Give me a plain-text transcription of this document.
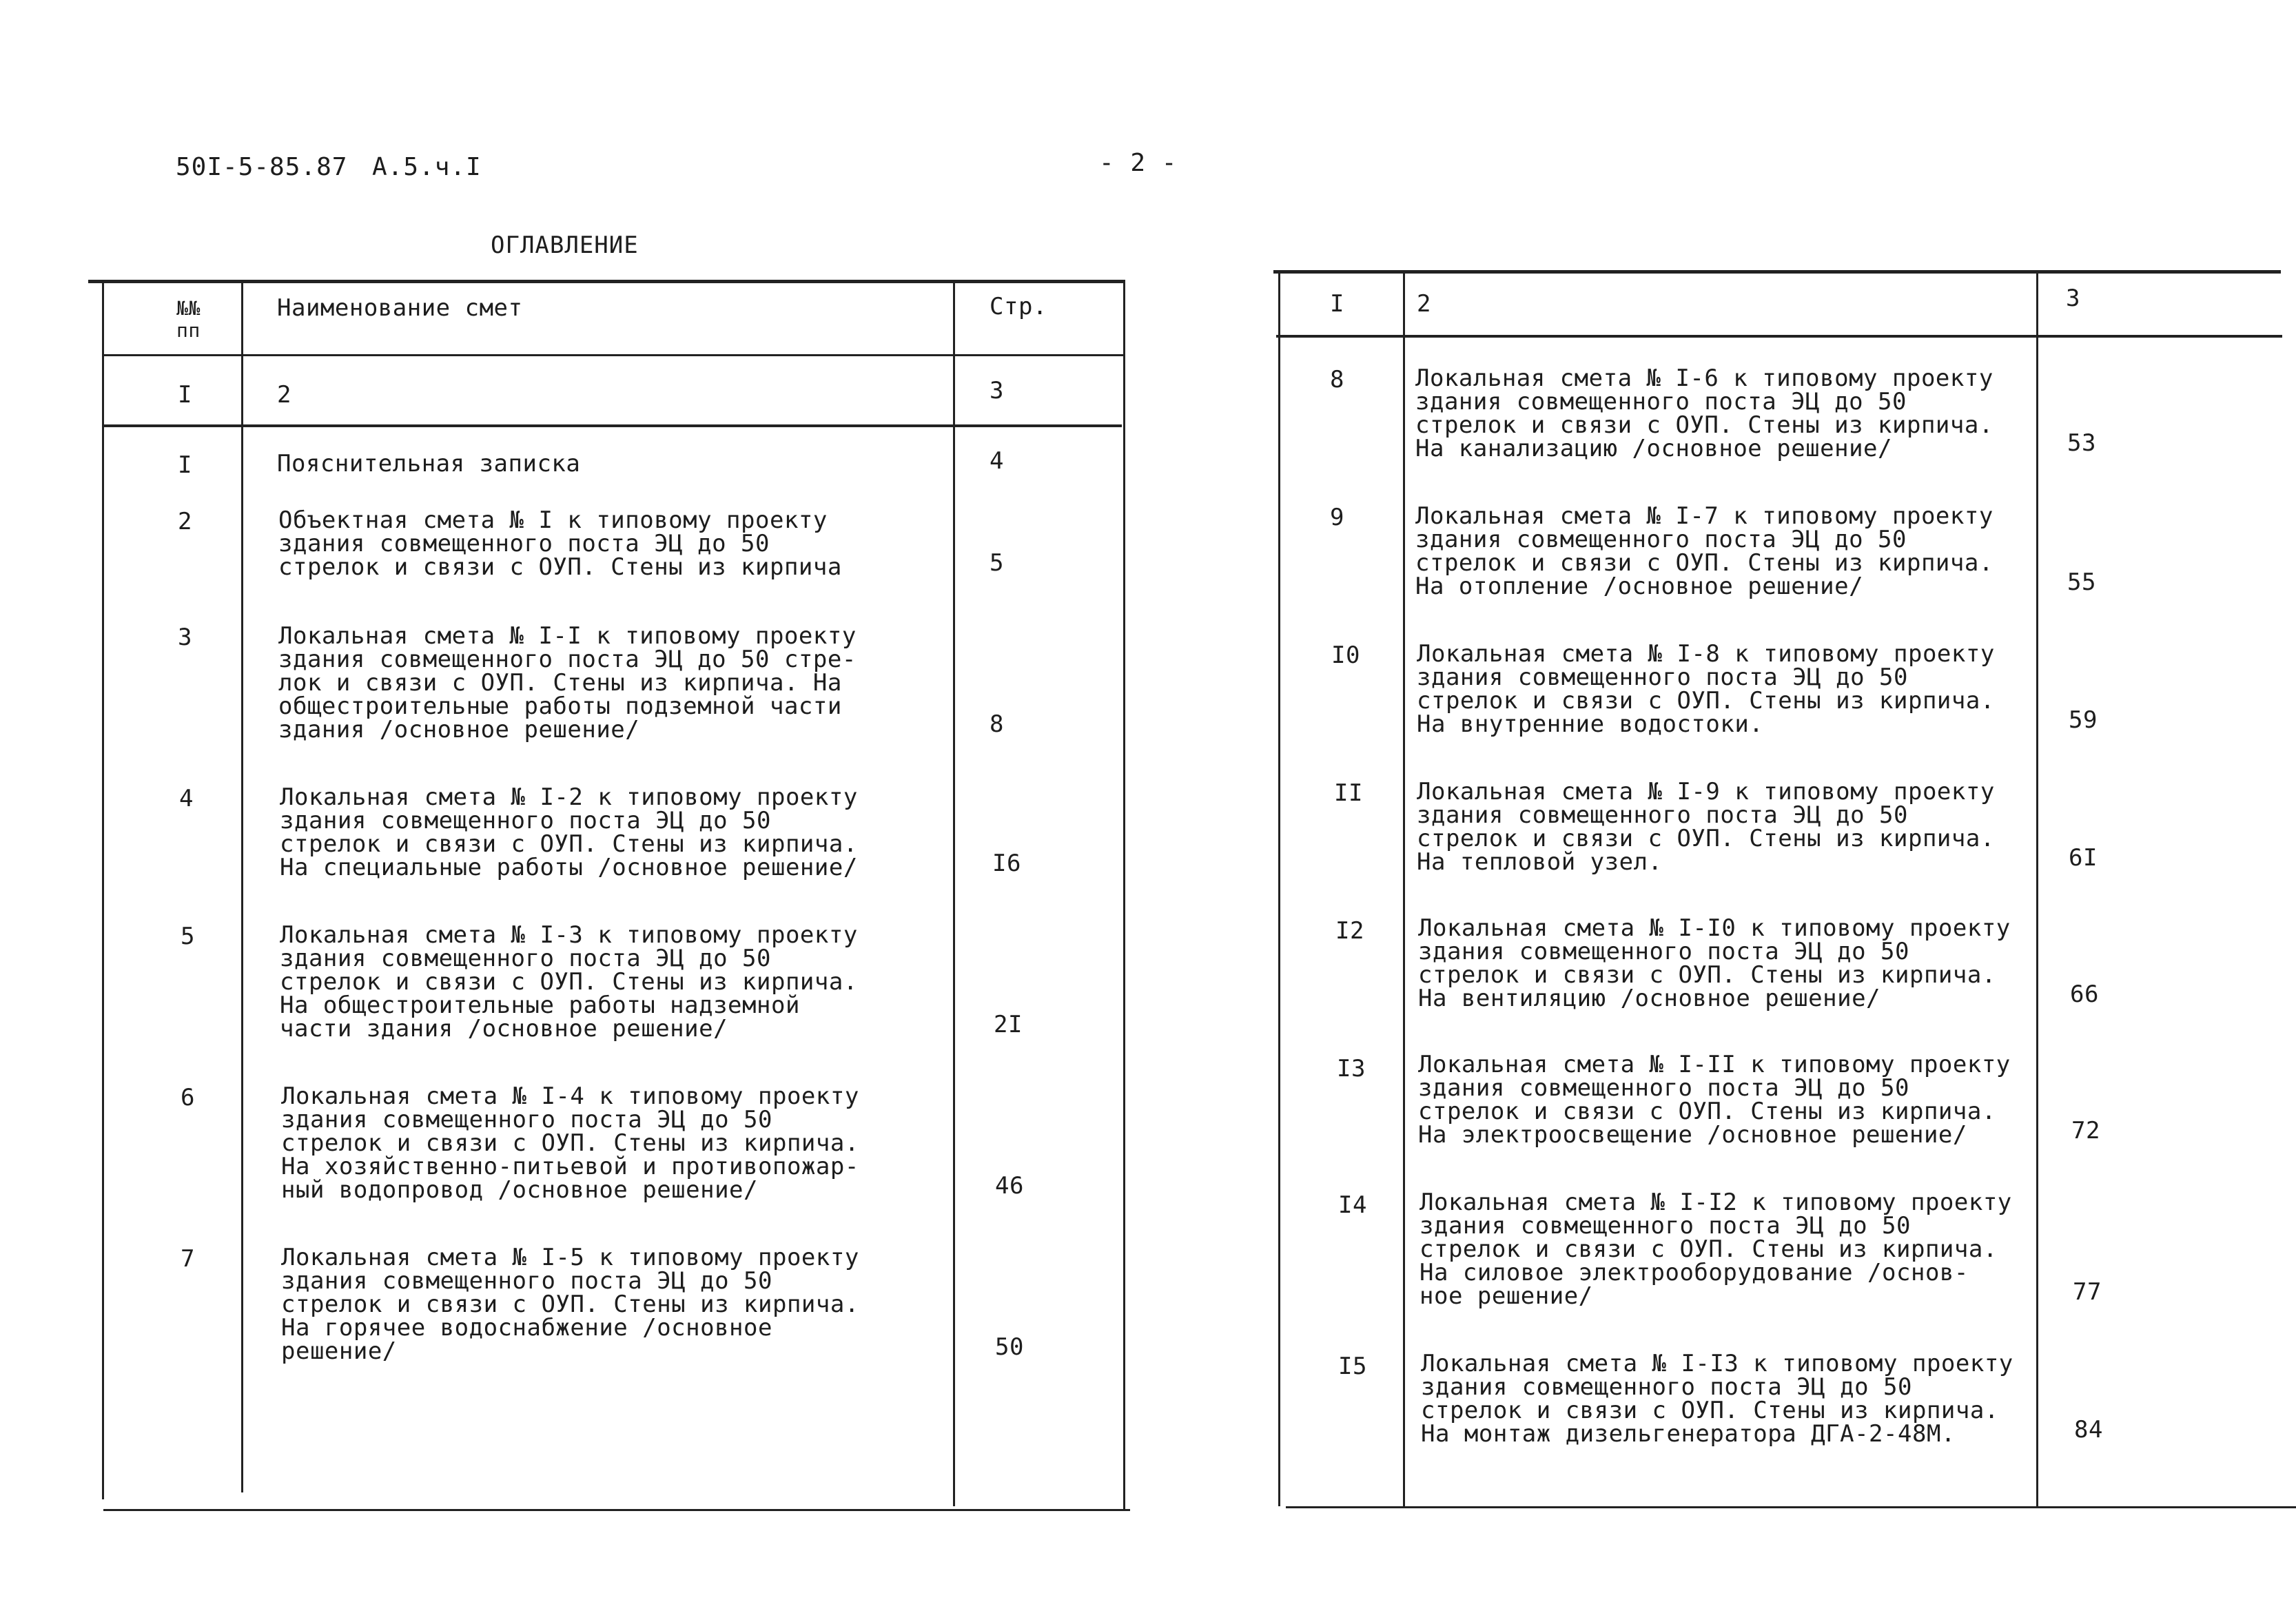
50I-5-85.87 А.5.ч.I	- 2 -
ОГЛАВЛЕНИЕ
№№
пп
Наименование смет	Стр.
I	2	3
I	Пояснительная записка	4
2	Объектная смета № I к типовому проекту
здания совмещенного поста ЭЦ до 50
стрелок и связи с ОУП. Стены из кирпича	5
3	Локальная смета № I-I к типовому проекту
здания совмещенного поста ЭЦ до 50 стре-
лок и связи с ОУП. Стены из кирпича. На
общестроительные работы подземной части
здания /основное решение/	8
4	Локальная смета № I-2 к типовому проекту
здания совмещенного поста ЭЦ до 50
стрелок и связи с ОУП. Стены из кирпича.
На специальные работы /основное решение/	I6
5	Локальная смета № I-3 к типовому проекту
здания совмещенного поста ЭЦ до 50
стрелок и связи с ОУП. Стены из кирпича.
На общестроительные работы надземной
части здания /основное решение/	2I
6	Локальная смета № I-4 к типовому проекту
здания совмещенного поста ЭЦ до 50
стрелок и связи с ОУП. Стены из кирпича.
На хозяйственно-питьевой и противопожар-
ный водопровод /основное решение/	46
7	Локальная смета № I-5 к типовому проекту
здания совмещенного поста ЭЦ до 50
стрелок и связи с ОУП. Стены из кирпича.
На горячее водоснабжение /основное
решение/	50
I	2	3
8	Локальная смета № I-6 к типовому проекту
здания совмещенного поста ЭЦ до 50
стрелок и связи с ОУП. Стены из кирпича.
На канализацию /основное решение/	53
9	Локальная смета № I-7 к типовому проекту
здания совмещенного поста ЭЦ до 50
стрелок и связи с ОУП. Стены из кирпича.
На отопление /основное решение/	55
I0 Локальная смета № I-8 к типовому проекту
здания совмещенного поста ЭЦ до 50
стрелок и связи с ОУП. Стены из кирпича.
На внутренние водостоки.	59
II Локальная смета № I-9 к типовому проекту
здания совмещенного поста ЭЦ до 50
стрелок и связи с ОУП. Стены из кирпича.
На тепловой узел.	6I
I2 Локальная смета № I-I0 к типовому проекту
здания совмещенного поста ЭЦ до 50
стрелок и связи с ОУП. Стены из кирпича.
На вентиляцию /основное решение/	66
I3 Локальная смета № I-II к типовому проекту
здания совмещенного поста ЭЦ до 50
стрелок и связи с ОУП. Стены из кирпича.
На электроосвещение /основное решение/	72
I4 Локальная смета № I-I2 к типовому проекту
здания совмещенного поста ЭЦ до 50
стрелок и связи с ОУП. Стены из кирпича.
На силовое электрооборудование /основ-
ное решение/	77
I5 Локальная смета № I-I3 к типовому проекту
здания совмещенного поста ЭЦ до 50
стрелок и связи с ОУП. Стены из кирпича.
На монтаж дизельгенератора ДГА-2-48М.	84
